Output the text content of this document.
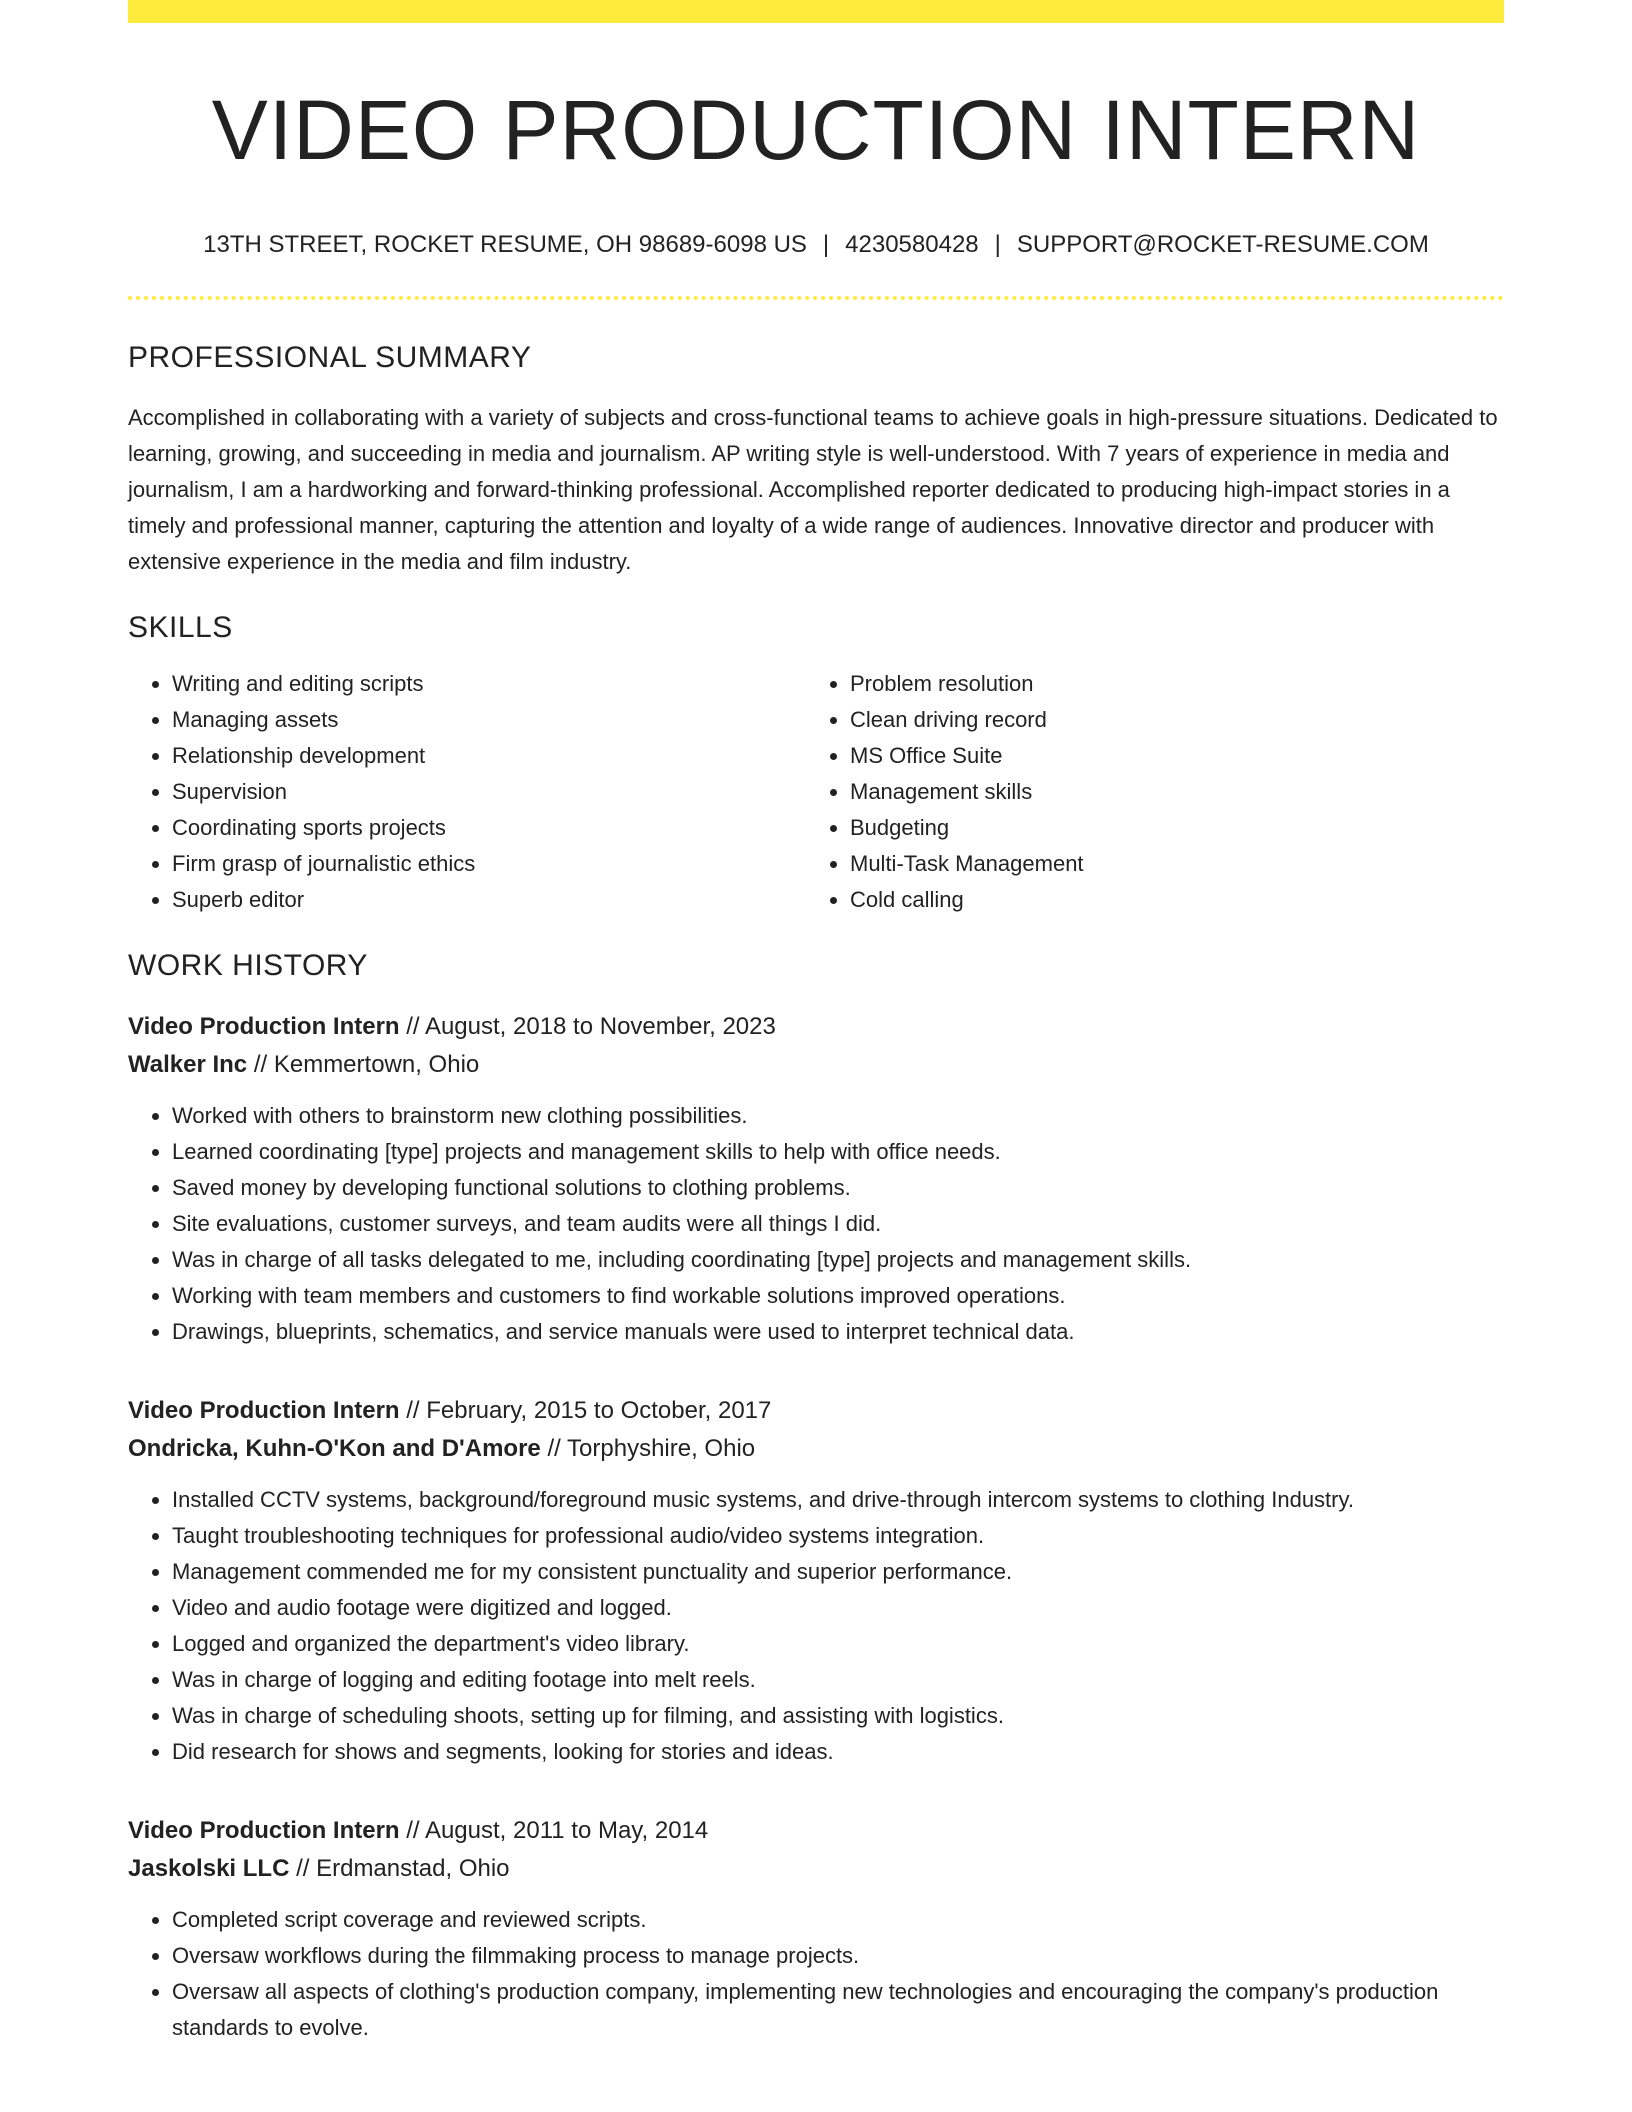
VIDEO PRODUCTION INTERN
13TH STREET, ROCKET RESUME, OH 98689-6098 US | 4230580428 | SUPPORT@ROCKET-RESUME.COM
PROFESSIONAL SUMMARY

Accomplished in collaborating with a variety of subjects and cross-functional teams to achieve goals in high-pressure situations. Dedicated to learning, growing, and succeeding in media and journalism. AP writing style is well-understood. With 7 years of experience in media and journalism, I am a hardworking and forward-thinking professional. Accomplished reporter dedicated to producing high-impact stories in a timely and professional manner, capturing the attention and loyalty of a wide range of audiences. Innovative director and producer with extensive experience in the media and film industry.

SKILLS
• Writing and editing scripts
• Managing assets
• Relationship development
• Supervision
• Coordinating sports projects
• Firm grasp of journalistic ethics
• Superb editor
• Problem resolution
• Clean driving record
• MS Office Suite
• Management skills
• Budgeting
• Multi-Task Management
• Cold calling
WORK HISTORY
Video Production Intern // August, 2018 to November, 2023
Walker Inc // Kemmertown, Ohio
• Worked with others to brainstorm new clothing possibilities.
• Learned coordinating [type] projects and management skills to help with office needs.
• Saved money by developing functional solutions to clothing problems.
• Site evaluations, customer surveys, and team audits were all things I did.
• Was in charge of all tasks delegated to me, including coordinating [type] projects and management skills.
• Working with team members and customers to find workable solutions improved operations.
• Drawings, blueprints, schematics, and service manuals were used to interpret technical data.
Video Production Intern // February, 2015 to October, 2017
Ondricka, Kuhn-O'Kon and D'Amore // Torphyshire, Ohio
• Installed CCTV systems, background/foreground music systems, and drive-through intercom systems to clothing Industry.
• Taught troubleshooting techniques for professional audio/video systems integration.
• Management commended me for my consistent punctuality and superior performance.
• Video and audio footage were digitized and logged.
• Logged and organized the department's video library.
• Was in charge of logging and editing footage into melt reels.
• Was in charge of scheduling shoots, setting up for filming, and assisting with logistics.
• Did research for shows and segments, looking for stories and ideas.
Video Production Intern // August, 2011 to May, 2014
Jaskolski LLC // Erdmanstad, Ohio
• Completed script coverage and reviewed scripts.
• Oversaw workflows during the filmmaking process to manage projects.
• Oversaw all aspects of clothing's production company, implementing new technologies and encouraging the company's production standards to evolve.
